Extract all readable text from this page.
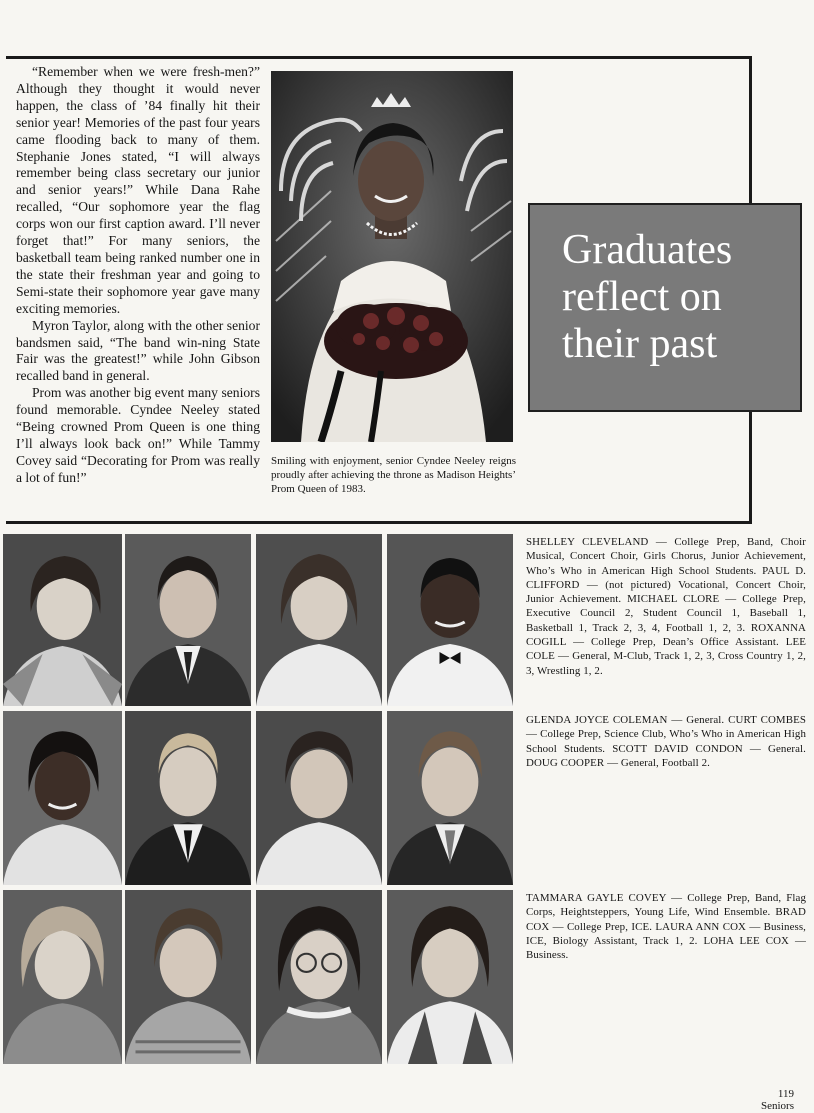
“Remember when we were fresh-men?” Although they thought it would never happen, the class of ’84 finally hit their senior year! Memories of the past four years came flooding back to many of them. Stephanie Jones stated, “I will always remember being class secretary our junior and senior years!” While Dana Rahe recalled, “Our sophomore year the flag corps won our first caption award. I’ll never forget that!” For many seniors, the basketball team being ranked number one in the state their freshman year and going to Semi-state their sophomore year gave many exciting memories.

Myron Taylor, along with the other senior bandsmen said, “The band win-ning State Fair was the greatest!” while John Gibson recalled band in general.

Prom was another big event many seniors found memorable. Cyndee Neeley stated “Being crowned Prom Queen is one thing I’ll always look back on!” While Tammy Covey said “Decorating for Prom was really a lot of fun!”

Smiling with enjoyment, senior Cyndee Neeley reigns proudly after achieving the throne as Madison Heights’ Prom Queen of 1983.
Graduates
reflect on
their past
SHELLEY CLEVELAND — College Prep, Band, Choir Musical, Concert Choir, Girls Chorus, Junior Achievement, Who’s Who in American High School Students. PAUL D. CLIFFORD — (not pictured) Vocational, Concert Choir, Junior Achievement. MICHAEL CLORE — College Prep, Executive Council 2, Student Council 1, Baseball 1, Basketball 1, Track 2, 3, 4, Football 1, 2, 3. ROXANNA COGILL — College Prep, Dean’s Office Assistant. LEE COLE — General, M-Club, Track 1, 2, 3, Cross Country 1, 2, 3, Wrestling 1, 2.
GLENDA JOYCE COLEMAN — General. CURT COMBES — College Prep, Science Club, Who’s Who in American High School Students. SCOTT DAVID CONDON — General. DOUG COOPER — General, Football 2.
TAMMARA GAYLE COVEY — College Prep, Band, Flag Corps, Heightsteppers, Young Life, Wind Ensemble. BRAD COX — College Prep, ICE. LAURA ANN COX — Business, ICE, Biology Assistant, Track 1, 2. LOHA LEE COX — Business.
119
Seniors
